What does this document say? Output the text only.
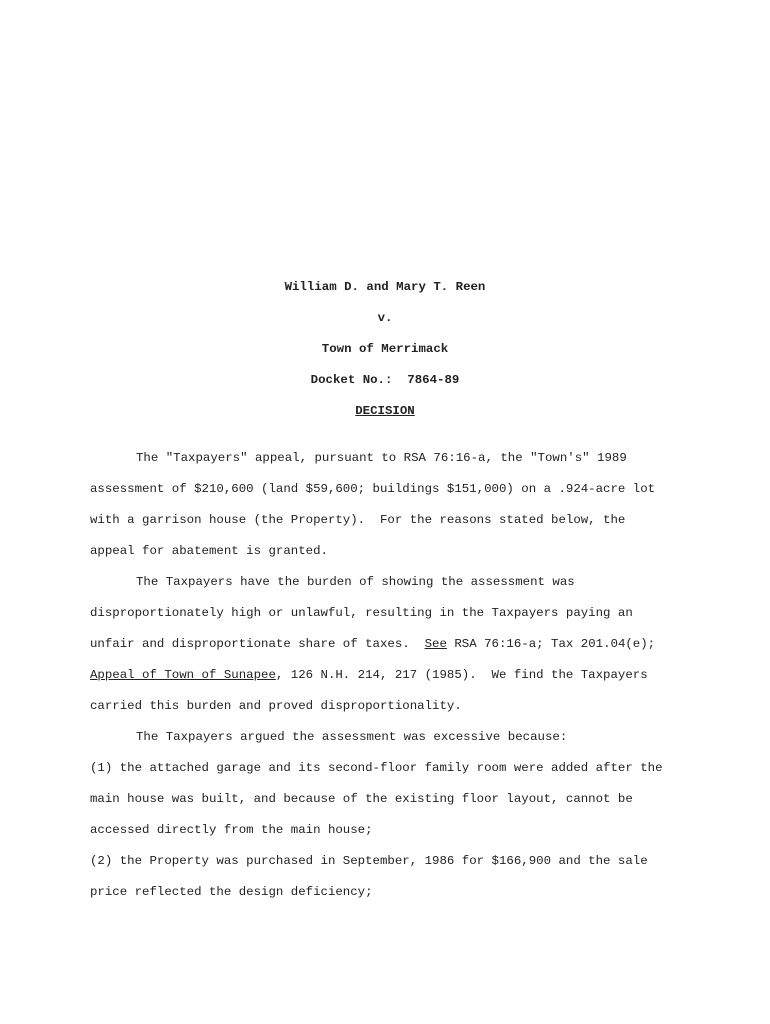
William D. and Mary T. Reen
v.
Town of Merrimack
Docket No.:  7864-89
DECISION
The "Taxpayers" appeal, pursuant to RSA 76:16-a, the "Town's" 1989
assessment of $210,600 (land $59,600; buildings $151,000) on a .924-acre lot
with a garrison house (the Property).  For the reasons stated below, the
appeal for abatement is granted.
The Taxpayers have the burden of showing the assessment was
disproportionately high or unlawful, resulting in the Taxpayers paying an
unfair and disproportionate share of taxes.  See RSA 76:16-a; Tax 201.04(e);
Appeal of Town of Sunapee, 126 N.H. 214, 217 (1985).  We find the Taxpayers
carried this burden and proved disproportionality.
The Taxpayers argued the assessment was excessive because:
(1) the attached garage and its second-floor family room were added after the
main house was built, and because of the existing floor layout, cannot be
accessed directly from the main house;
(2) the Property was purchased in September, 1986 for $166,900 and the sale
price reflected the design deficiency;
